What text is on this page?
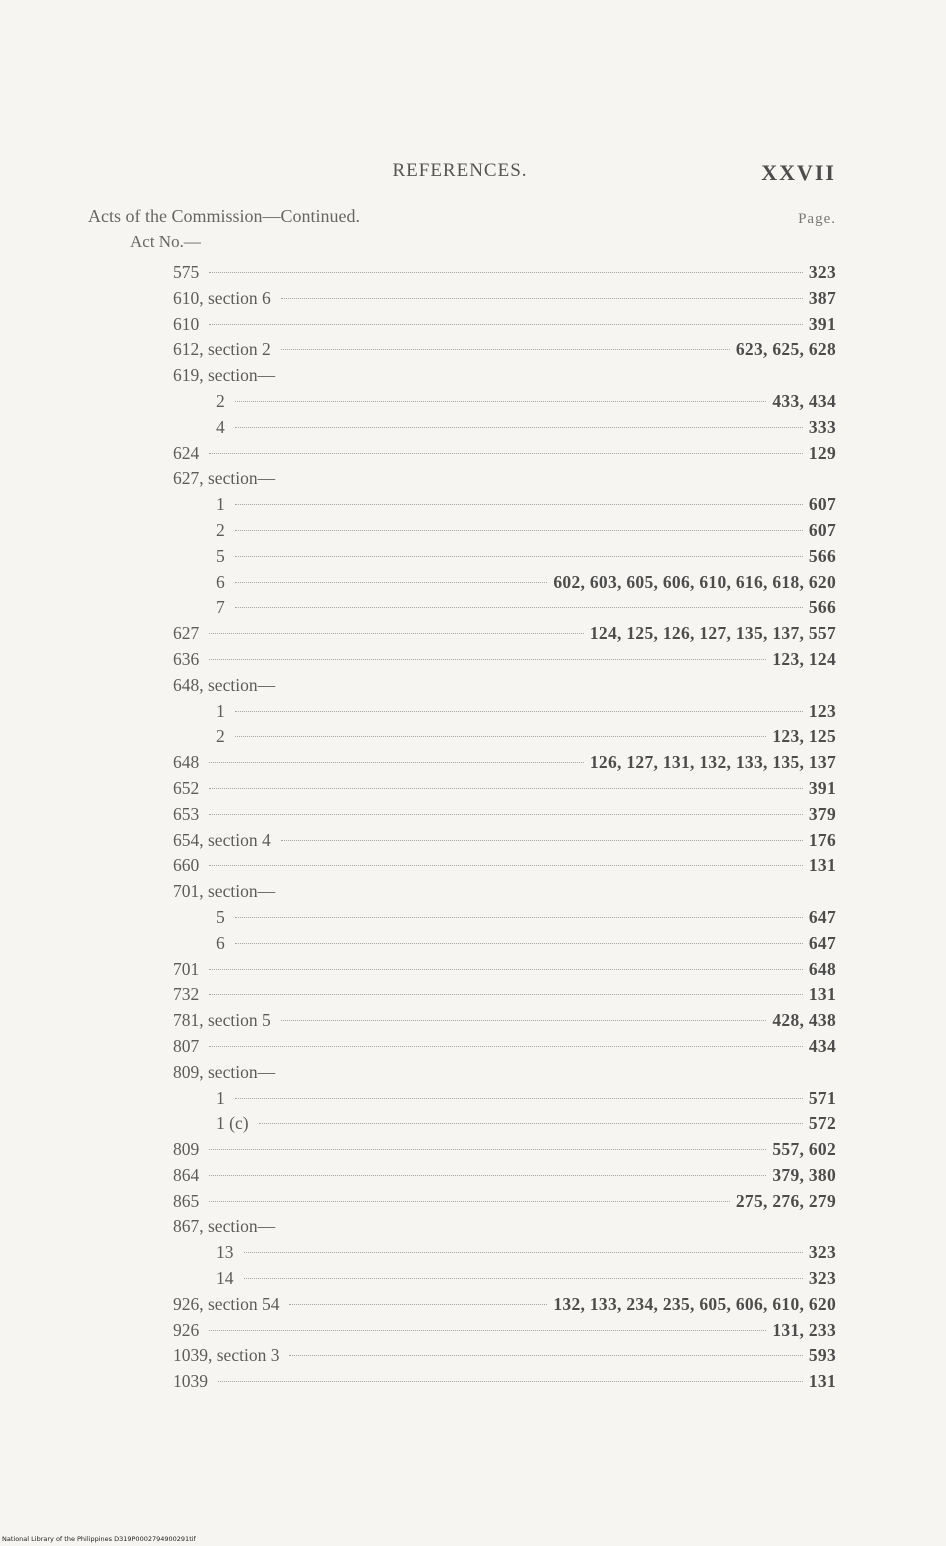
REFERENCES.	XXVII
Acts of the Commission—Continued.	Page.
Act No.—
575	323
610, section 6	387
610	391
612, section 2	623, 625, 628
619, section—
2	433, 434
4	333
624	129
627, section—
1	607
2	607
5	566
6	602, 603, 605, 606, 610, 616, 618, 620
7	566
627	124, 125, 126, 127, 135, 137, 557
636	123, 124
648, section—
1	123
2	123, 125
648	126, 127, 131, 132, 133, 135, 137
652	391
653	379
654, section 4	176
660	131
701, section—
5	647
6	647
701	648
732	131
781, section 5	428, 438
807	434
809, section—
1	571
1 (c)	572
809	557, 602
864	379, 380
865	275, 276, 279
867, section—
13	323
14	323
926, section 54	132, 133, 234, 235, 605, 606, 610, 620
926	131, 233
1039, section 3	593
1039	131
National Library of the Philippines D319P0002794900291tif
